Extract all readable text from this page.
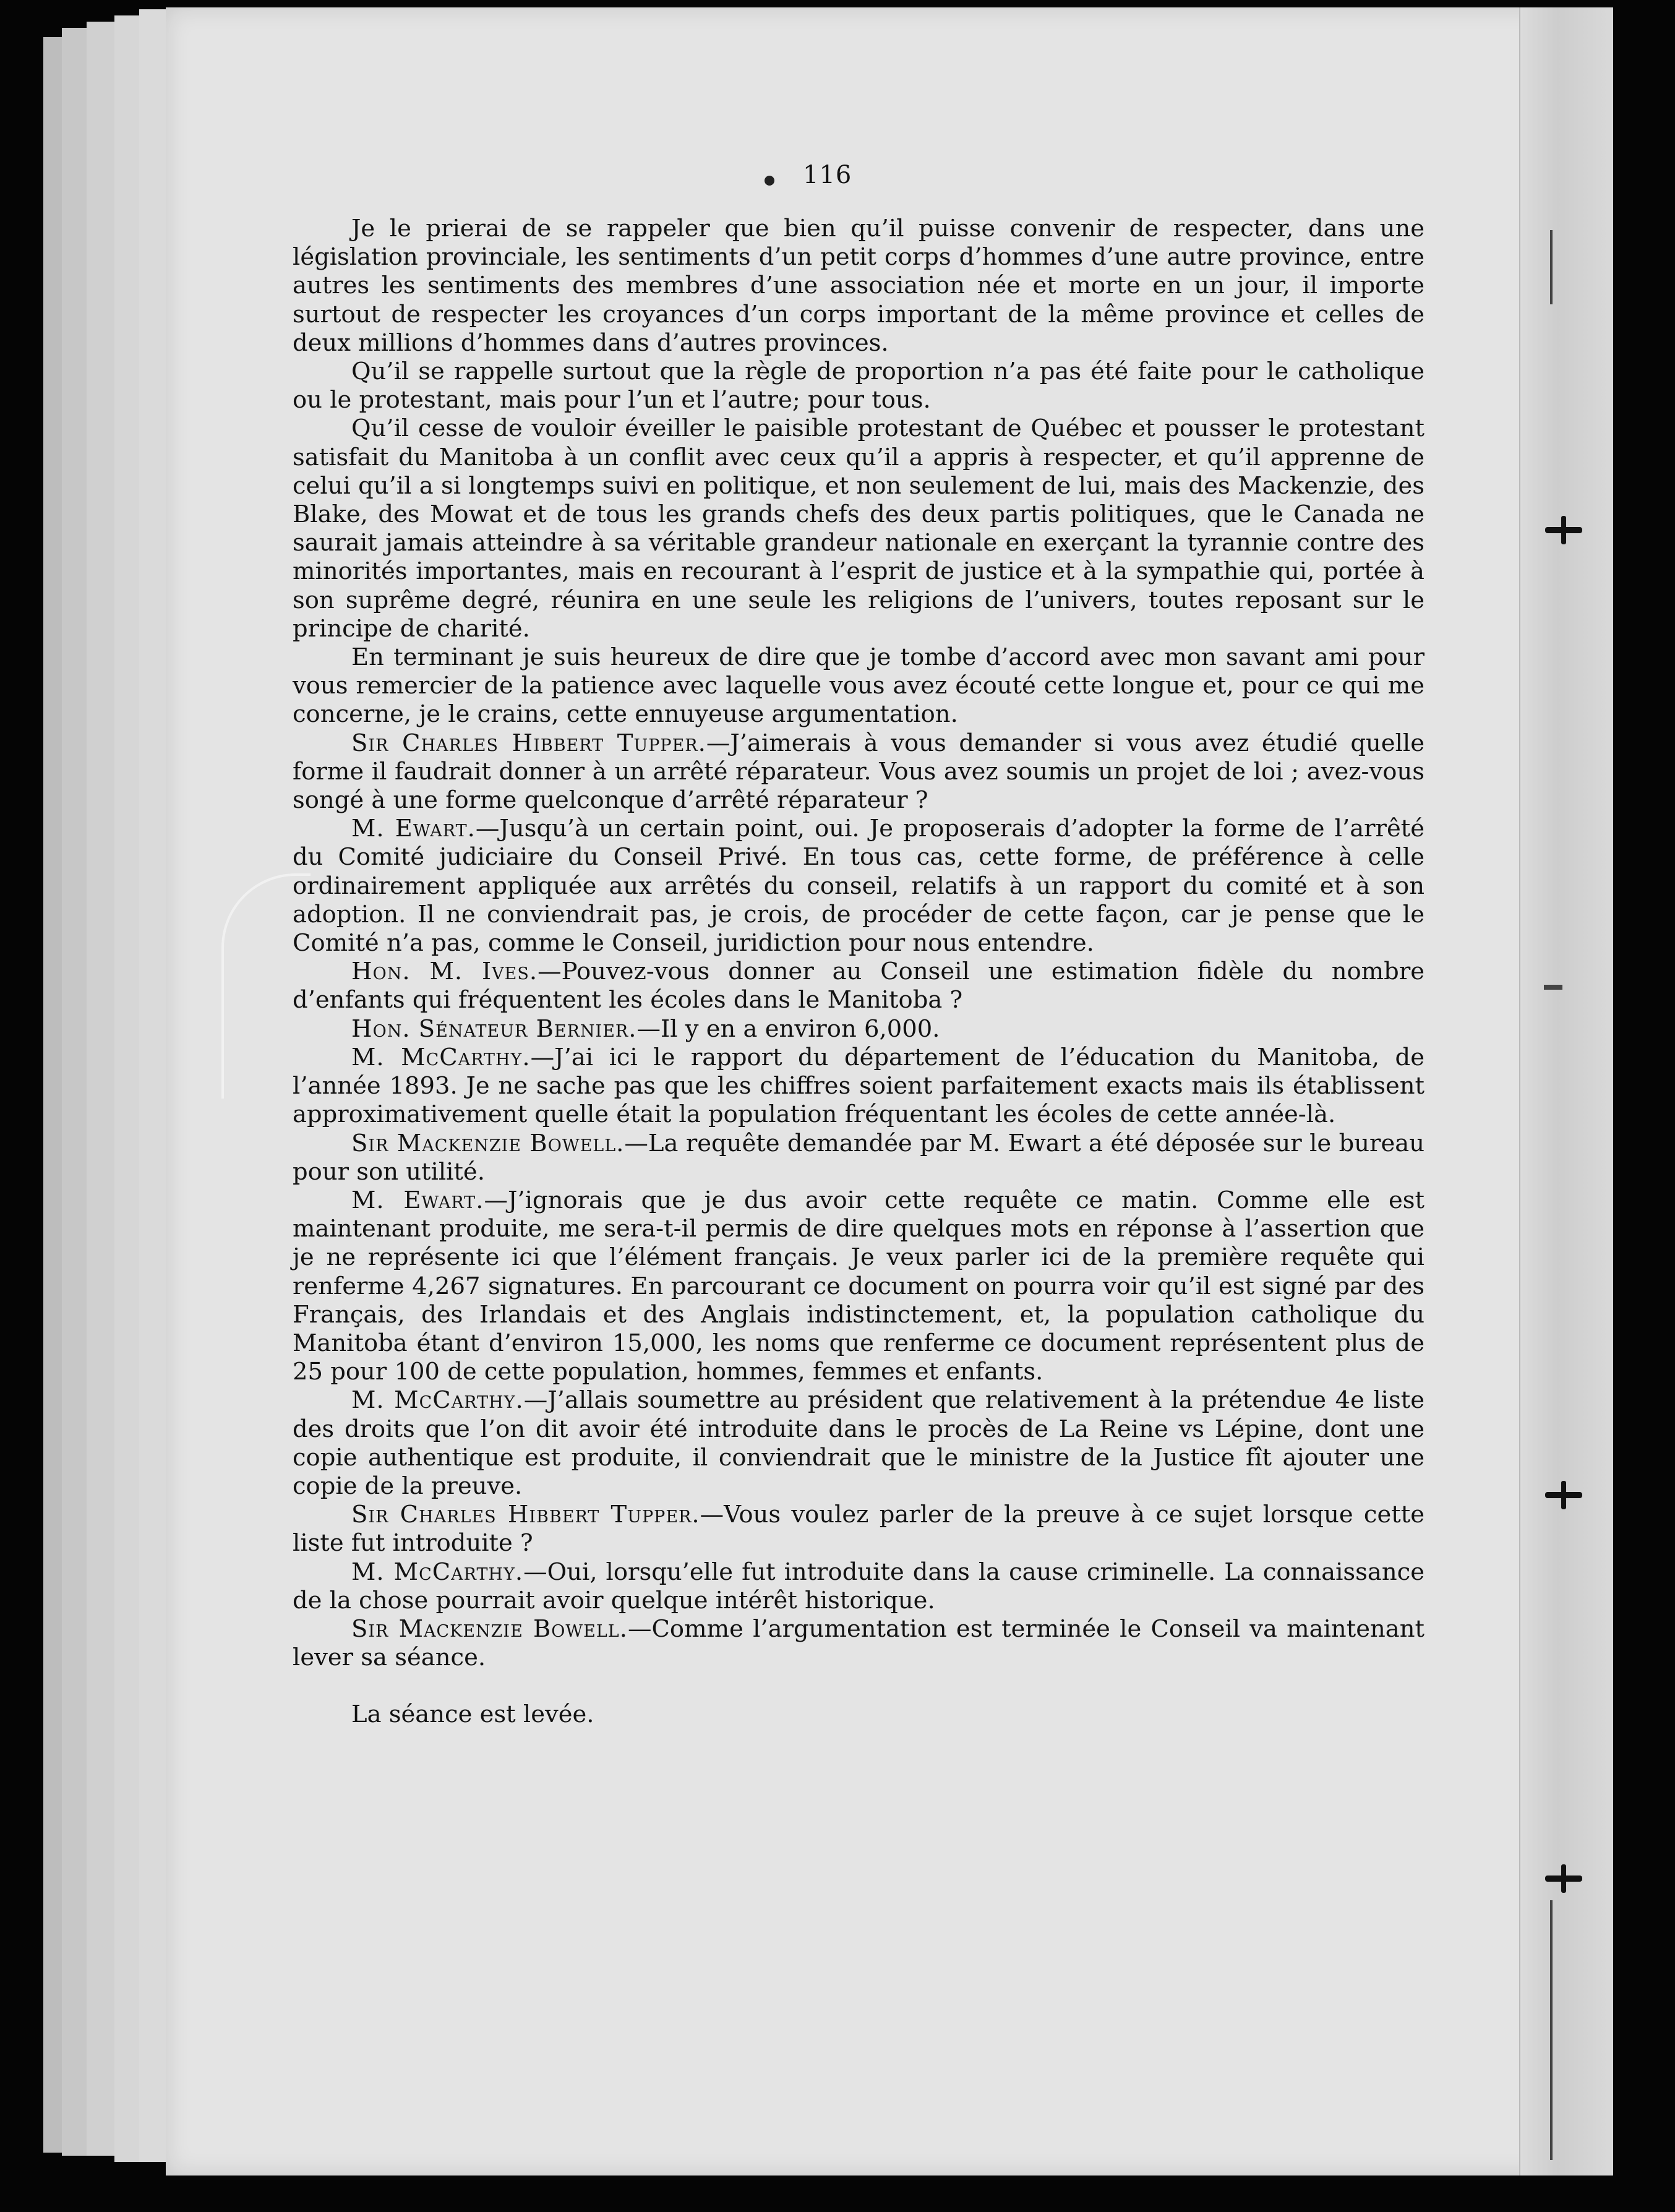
116

Je le prierai de se rappeler que bien qu’il puisse convenir de respecter, dans une législation provinciale, les sentiments d’un petit corps d’hommes d’une autre province, entre autres les sentiments des membres d’une association née et morte en un jour, il importe surtout de respecter les croyances d’un corps important de la même province et celles de deux millions d’hommes dans d’autres provinces.

Qu’il se rappelle surtout que la règle de proportion n’a pas été faite pour le catholique ou le protestant, mais pour l’un et l’autre; pour tous.

Qu’il cesse de vouloir éveiller le paisible protestant de Québec et pousser le protestant satisfait du Manitoba à un conflit avec ceux qu’il a appris à respecter, et qu’il apprenne de celui qu’il a si longtemps suivi en politique, et non seulement de lui, mais des Mackenzie, des Blake, des Mowat et de tous les grands chefs des deux partis politiques, que le Canada ne saurait jamais atteindre à sa véritable grandeur nationale en exerçant la tyrannie contre des minorités importantes, mais en recourant à l’esprit de justice et à la sympathie qui, portée à son suprême degré, réunira en une seule les religions de l’univers, toutes reposant sur le principe de charité.

En terminant je suis heureux de dire que je tombe d’accord avec mon savant ami pour vous remercier de la patience avec laquelle vous avez écouté cette longue et, pour ce qui me concerne, je le crains, cette ennuyeuse argumentation.

Sir Charles Hibbert Tupper.—J’aimerais à vous demander si vous avez étudié quelle forme il faudrait donner à un arrêté réparateur. Vous avez soumis un projet de loi ; avez-vous songé à une forme quelconque d’arrêté réparateur ?

M. Ewart.—Jusqu’à un certain point, oui. Je proposerais d’adopter la forme de l’arrêté du Comité judiciaire du Conseil Privé. En tous cas, cette forme, de préférence à celle ordinairement appliquée aux arrêtés du conseil, relatifs à un rapport du comité et à son adoption. Il ne conviendrait pas, je crois, de procéder de cette façon, car je pense que le Comité n’a pas, comme le Conseil, juridiction pour nous entendre.

Hon. M. Ives.—Pouvez-vous donner au Conseil une estimation fidèle du nombre d’enfants qui fréquentent les écoles dans le Manitoba ?

Hon. Sénateur Bernier.—Il y en a environ 6,000.

M. McCarthy.—J’ai ici le rapport du département de l’éducation du Manitoba, de l’année 1893. Je ne sache pas que les chiffres soient parfaitement exacts mais ils établissent approximativement quelle était la population fréquentant les écoles de cette année-là.

Sir Mackenzie Bowell.—La requête demandée par M. Ewart a été déposée sur le bureau pour son utilité.

M. Ewart.—J’ignorais que je dus avoir cette requête ce matin. Comme elle est maintenant produite, me sera-t-il permis de dire quelques mots en réponse à l’assertion que je ne représente ici que l’élément français. Je veux parler ici de la première requête qui renferme 4,267 signatures. En parcourant ce document on pourra voir qu’il est signé par des Français, des Irlandais et des Anglais indistinctement, et, la population catholique du Manitoba étant d’environ 15,000, les noms que renferme ce document représentent plus de 25 pour 100 de cette population, hommes, femmes et enfants.

M. McCarthy.—J’allais soumettre au président que relativement à la prétendue 4e liste des droits que l’on dit avoir été introduite dans le procès de La Reine vs Lépine, dont une copie authentique est produite, il conviendrait que le ministre de la Justice fît ajouter une copie de la preuve.

Sir Charles Hibbert Tupper.—Vous voulez parler de la preuve à ce sujet lorsque cette liste fut introduite ?

M. McCarthy.—Oui, lorsqu’elle fut introduite dans la cause criminelle. La connaissance de la chose pourrait avoir quelque intérêt historique.

Sir Mackenzie Bowell.—Comme l’argumentation est terminée le Conseil va maintenant lever sa séance.

La séance est levée.
